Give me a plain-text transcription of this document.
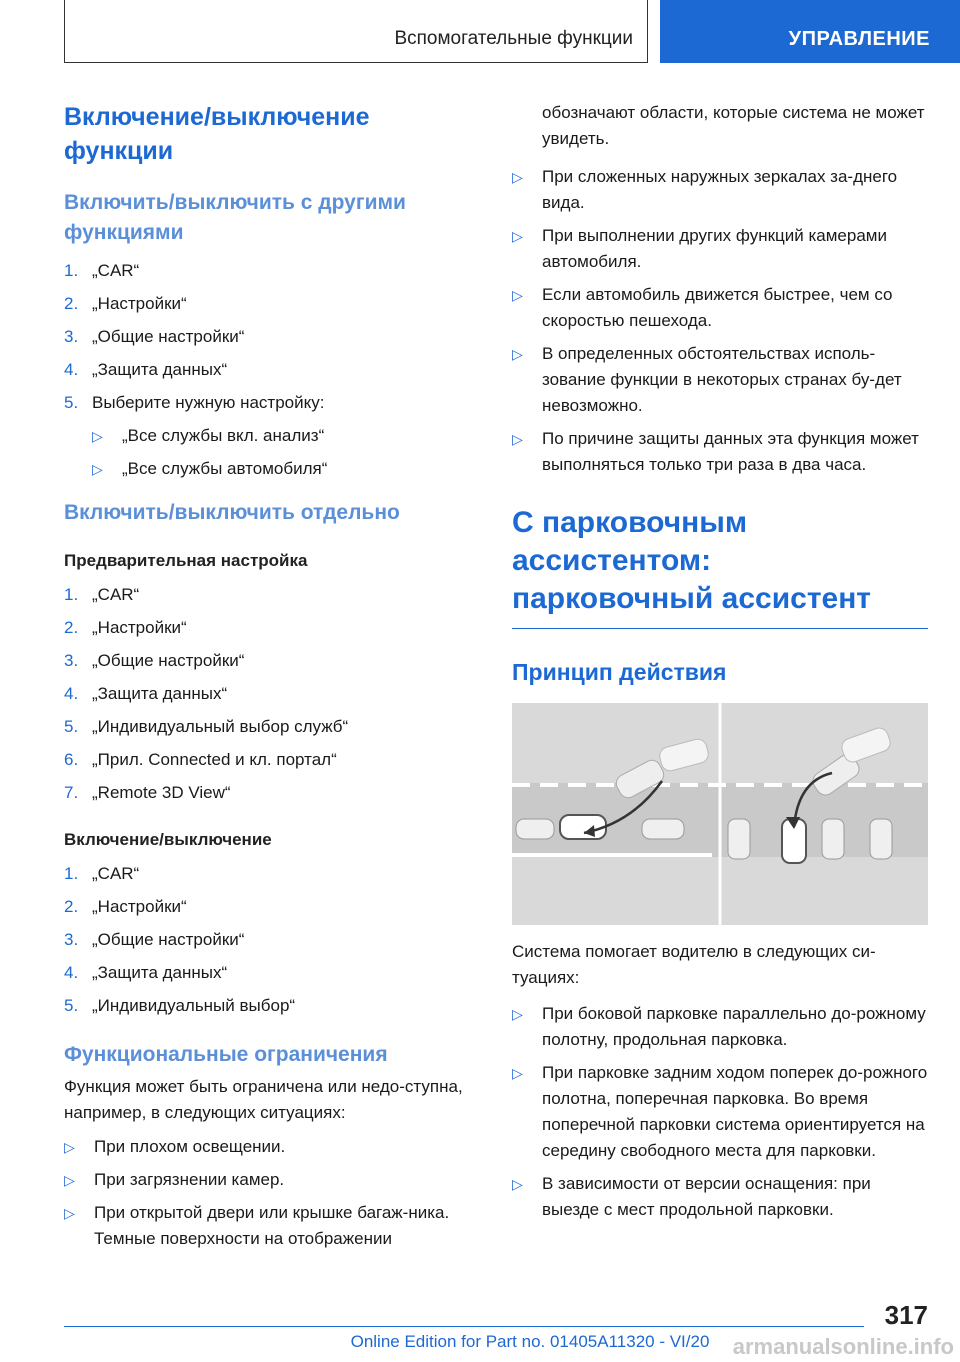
Вспомогательные функции	УПРАВЛЕНИЕ
Включение/выключение функции
Включить/выключить с другими функциями
1. „CAR“
2. „Настройки“
3. „Общие настройки“
4. „Защита данных“
5. Выберите нужную настройку:
▷	„Все службы вкл. анализ“
▷	„Все службы автомобиля“
Включить/выключить отдельно
Предварительная настройка
1. „CAR“
2. „Настройки“
3. „Общие настройки“
4. „Защита данных“
5. „Индивидуальный выбор служб“
6. „Прил. Connected и кл. портал“
7. „Remote 3D View“
Включение/выключение
1. „CAR“
2. „Настройки“
3. „Общие настройки“
4. „Защита данных“
5. „Индивидуальный выбор“
Функциональные ограничения

Функция может быть ограничена или недо-ступна, например, в следующих ситуациях:

▷	При плохом освещении.
▷	При загрязнении камер.
▷	При открытой двери или крышке багаж-ника. Темные поверхности на отображении

обозначают области, которые система не может увидеть.

▷	При сложенных наружных зеркалах за-днего вида.
▷	При выполнении других функций камерами автомобиля.
▷	Если автомобиль движется быстрее, чем со скоростью пешехода.
▷	В определенных обстоятельствах исполь-зование функции в некоторых странах бу-дет невозможно.
▷	По причине защиты данных эта функция может выполняться только три раза в два часа.
С парковочным ассистентом: парковочный ассистент
Принцип действия

Система помогает водителю в следующих си-туациях:

▷	При боковой парковке параллельно до-рожному полотну, продольная парковка.
▷	При парковке задним ходом поперек до-рожного полотна, поперечная парковка. Во время поперечной парковки система ориентируется на середину свободного места для парковки.
▷	В зависимости от версии оснащения: при выезде с мест продольной парковки.
317
Online Edition for Part no. 01405A11320 - VI/20	armanualsonline.info
